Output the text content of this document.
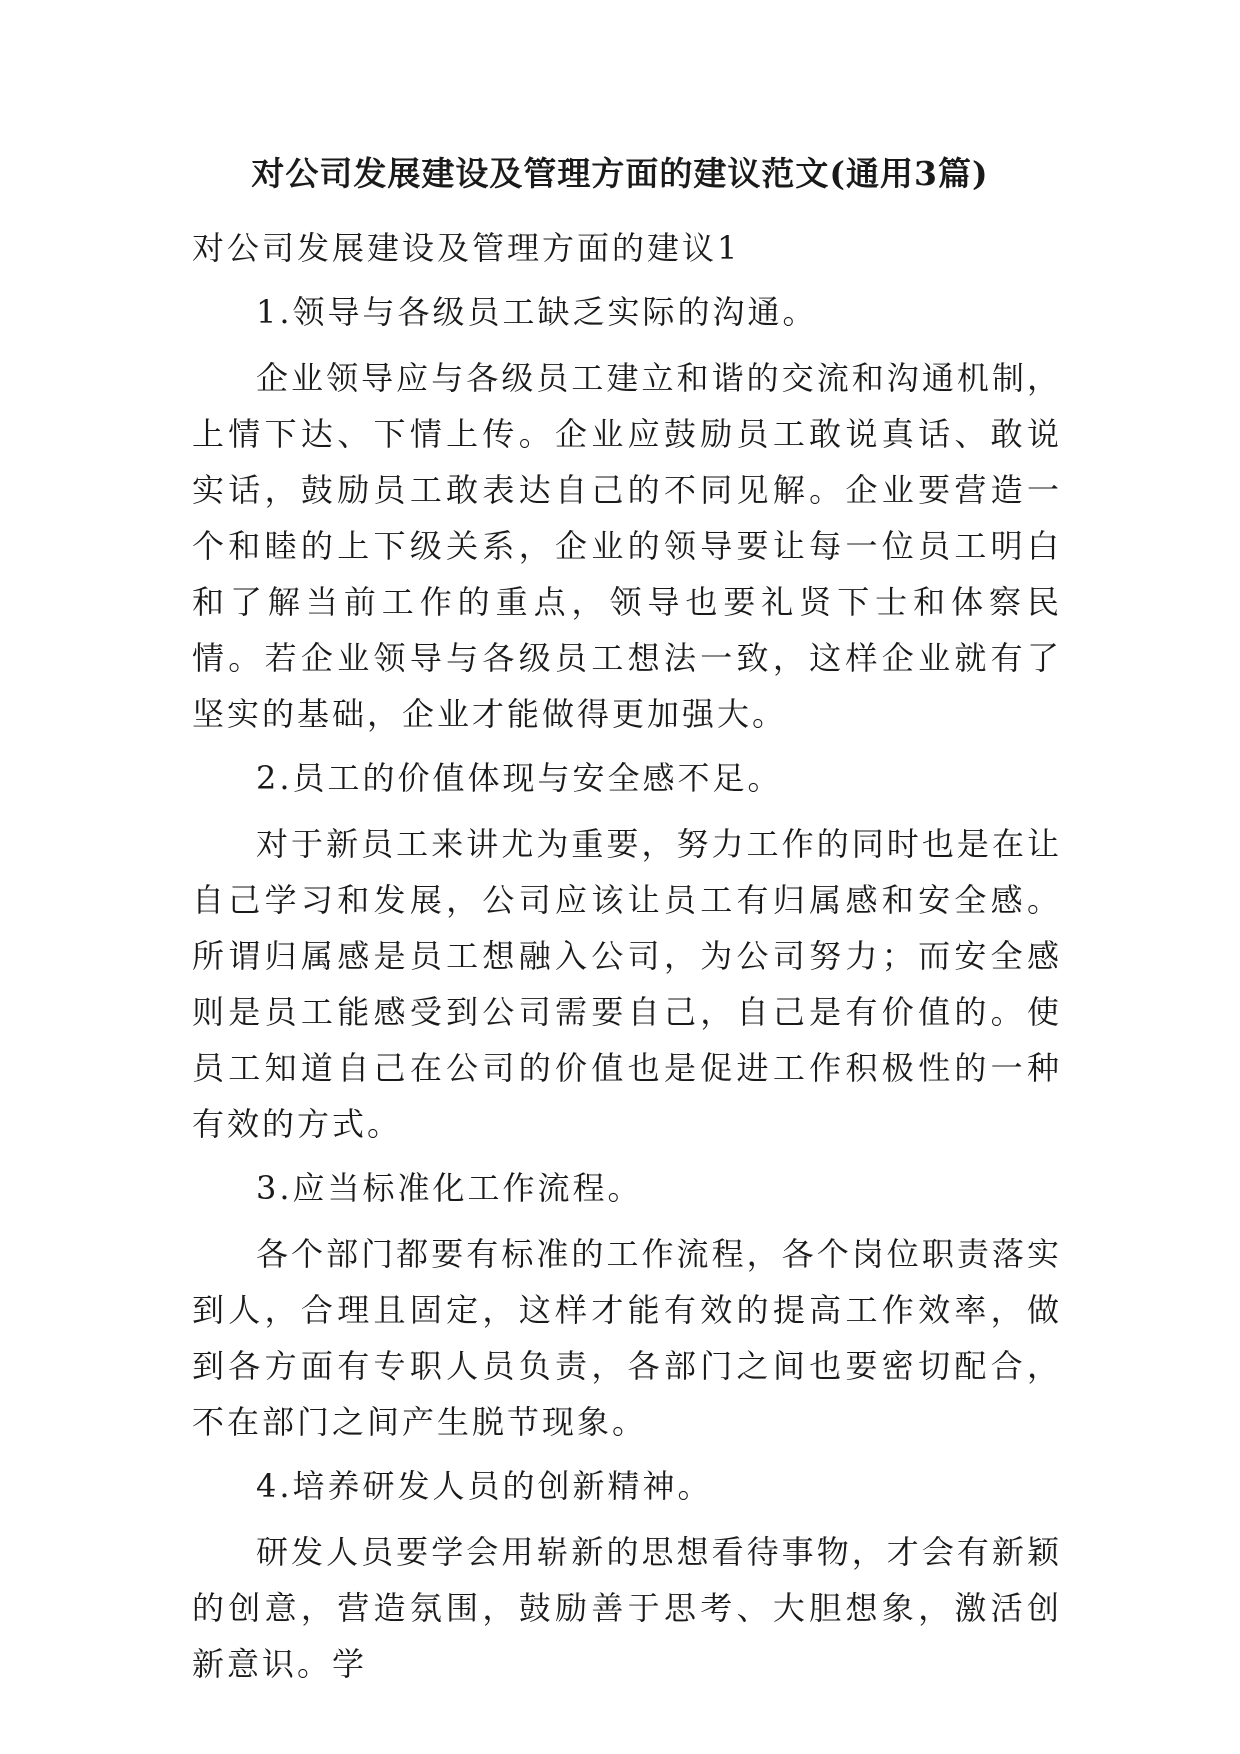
对公司发展建设及管理方面的建议范文(通用3篇)

对公司发展建设及管理方面的建议1

1.领导与各级员工缺乏实际的沟通。

企业领导应与各级员工建立和谐的交流和沟通机制，上情下达、下情上传。企业应鼓励员工敢说真话、敢说实话，鼓励员工敢表达自己的不同见解。企业要营造一个和睦的上下级关系，企业的领导要让每一位员工明白和了解当前工作的重点，领导也要礼贤下士和体察民情。若企业领导与各级员工想法一致，这样企业就有了坚实的基础，企业才能做得更加强大。

2.员工的价值体现与安全感不足。

对于新员工来讲尤为重要，努力工作的同时也是在让自己学习和发展，公司应该让员工有归属感和安全感。所谓归属感是员工想融入公司，为公司努力；而安全感则是员工能感受到公司需要自己，自己是有价值的。使员工知道自己在公司的价值也是促进工作积极性的一种有效的方式。

3.应当标准化工作流程。

各个部门都要有标准的工作流程，各个岗位职责落实到人，合理且固定，这样才能有效的提高工作效率，做到各方面有专职人员负责，各部门之间也要密切配合，不在部门之间产生脱节现象。

4.培养研发人员的创新精神。

研发人员要学会用崭新的思想看待事物，才会有新颖的创意，营造氛围，鼓励善于思考、大胆想象，激活创新意识。学
